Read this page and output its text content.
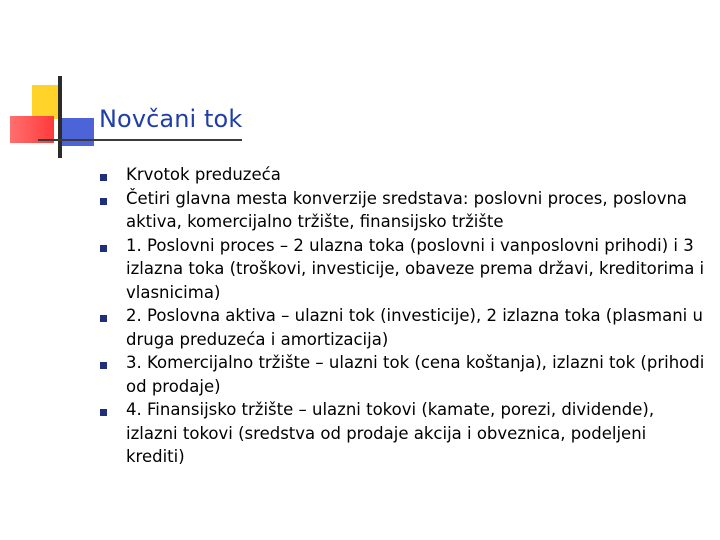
Novčani tok
Krvotok preduzeća
Četiri glavna mesta konverzije sredstava: poslovni proces, poslovna aktiva, komercijalno tržište, finansijsko tržište
1. Poslovni proces – 2 ulazna toka (poslovni i vanposlovni prihodi) i 3 izlazna toka (troškovi, investicije, obaveze prema državi, kreditorima i vlasnicima)
2. Poslovna aktiva – ulazni tok (investicije), 2 izlazna toka (plasmani u druga preduzeća i amortizacija)
3. Komercijalno tržište – ulazni tok (cena koštanja), izlazni tok (prihodi od prodaje)
4. Finansijsko tržište – ulazni tokovi (kamate, porezi, dividende), izlazni tokovi (sredstva od prodaje akcija i obveznica, podeljeni krediti)
